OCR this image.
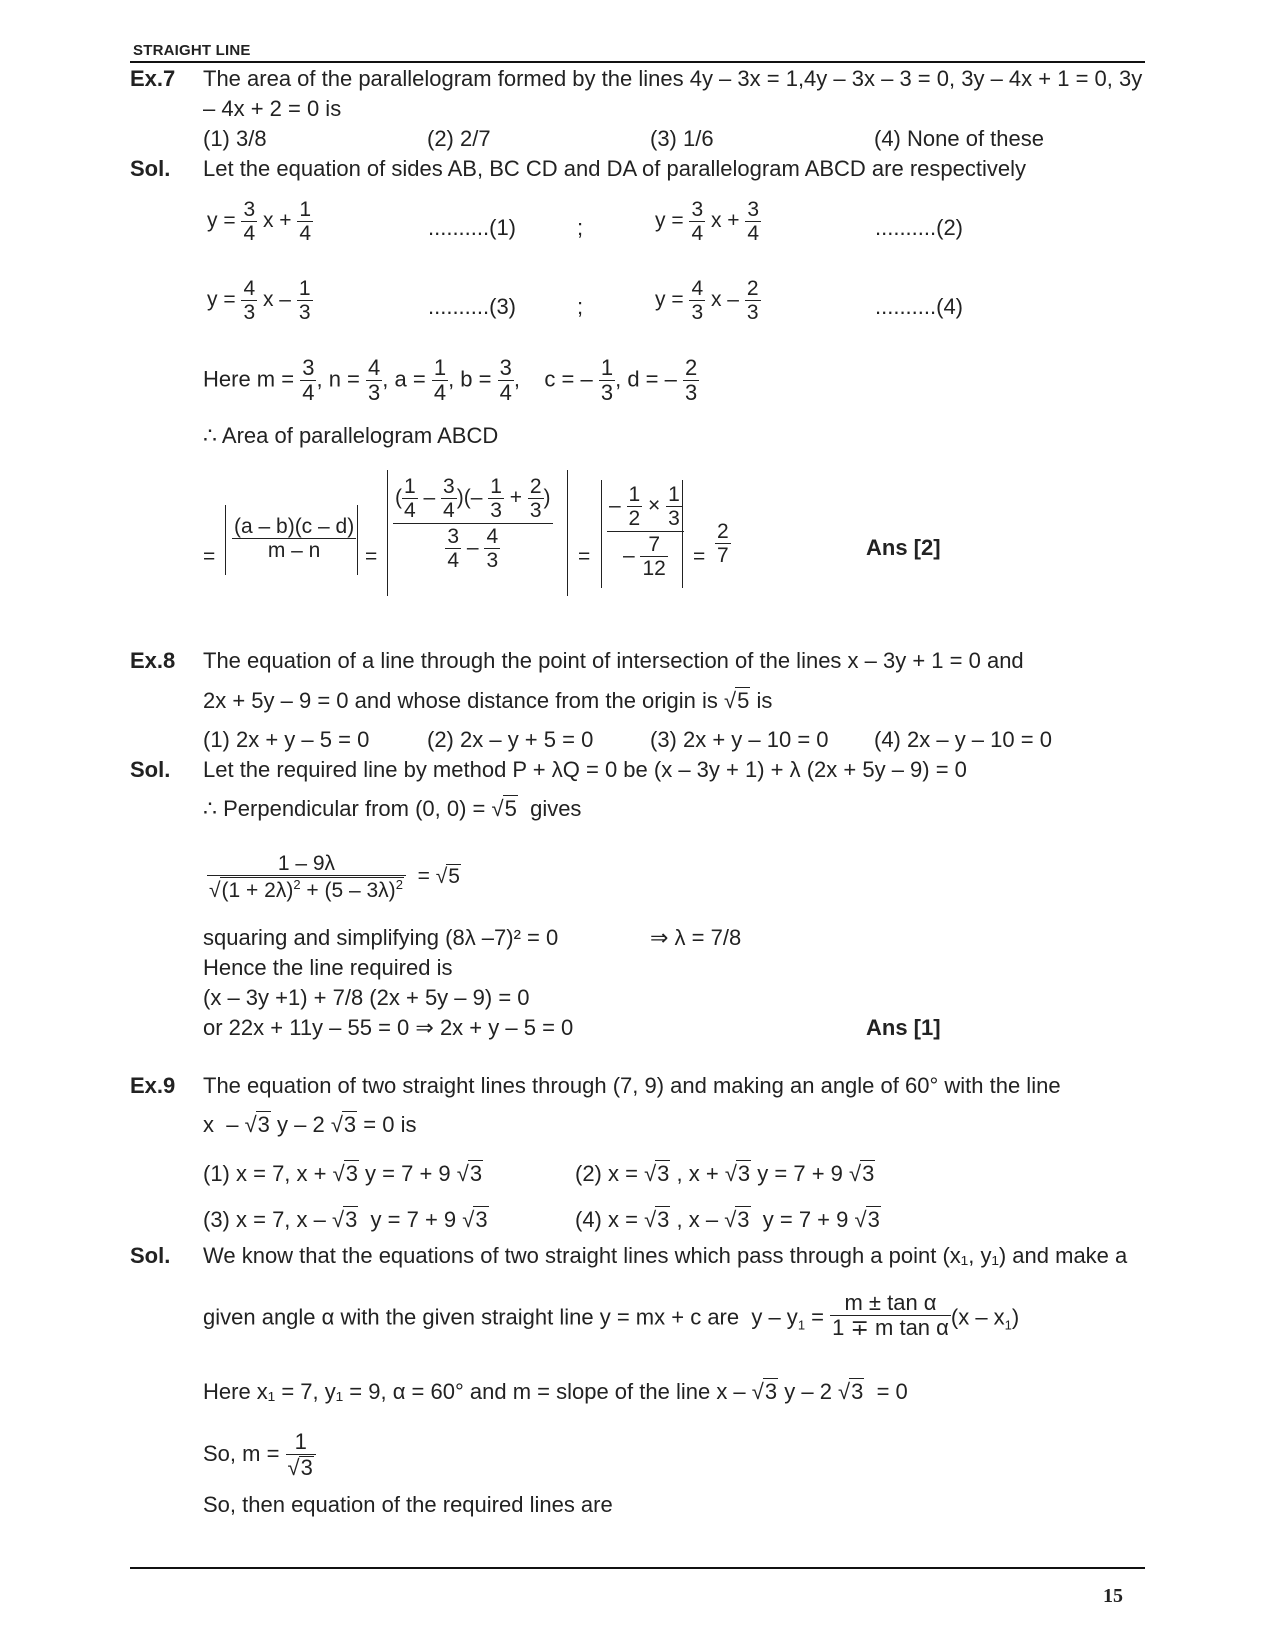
STRAIGHT LINE
Ex.7 The area of the parallelogram formed by the lines 4y – 3x = 1,4y – 3x – 3 = 0, 3y – 4x + 1 = 0, 3y
– 4x + 2 = 0 is
(1) 3/8	(2) 2/7	(3) 1/6	(4) None of these
Sol. Let the equation of sides AB, BC CD and DA of parallelogram ABCD are respectively
$y = \frac{3}{4}$ $x + \frac{1}{4}$	..........(1)	;	$y = \frac{3}{4}$ $x + \frac{3}{4}$	..........(2)
$y = \frac{4}{3}$ x – $\frac{1}{3}$	..........(3)	;	$y = \frac{4}{3}$ x – $\frac{2}{3}$	..........(4)
Here $m = \frac{3}{4}$ , $n = \frac{4}{3}$ , $a = \frac{1}{4}$ , $b = \frac{3}{4}$ ,    c = – $\frac{1}{3}$ , d = – $\frac{2}{3}$
∴ Area of parallelogram ABCD
= $\frac{(a - b)(c - d)}{m - n} = \frac{( \frac{1}{4} - \frac{3}{4} )(- \frac{1}{3} + \frac{2}{3} )}{\frac{3}{4} - \frac{4}{3}} = \frac{- \frac{1}{2} \times \frac{1}{3}}{- \frac{7}{12}} = \frac{2}{7}$	Ans [2]
Ex.8 The equation of a line through the point of intersection of the lines x – 3y + 1 = 0 and
2x + 5y – 9 = 0 and whose distance from the origin is √ 5 is
(1) 2x + y – 5 = 0	(2) 2x – y + 5 = 0	(3) 2x + y – 10 = 0 (4) 2x – y – 10 = 0
Sol. Let the required line by method P + λQ = 0 be (x – 3y + 1) + λ (2x + 5y – 9) = 0
∴ Perpendicular from (0, 0) = √ 5 gives
1 – 9λ
√ $(1 + 2\lambda)^2 + (5 - 3\lambda)^2$ = √ 5
squaring and simplifying (8λ –7)² = 0	⇒ λ = 7/8
Hence the line required is
(x – 3y +1) + 7/8 (2x + 5y – 9) = 0
or 22x + 11y – 55 = 0 ⇒ 2x + y – 5 = 0	Ans [1]
Ex.9 The equation of two straight lines through (7, 9) and making an angle of 60° with the line
x  – √ 3 y – 2 √ 3 = 0 is
(1) x = 7, x + √ 3 y = 7 + 9 √ 3	(2) x = √ 3 , x + √ 3 y = 7 + 9 √ 3
(3) x = 7, x – √ 3  y = 7 + 9 √ 3	(4) x = √ 3 , x – √ 3  y = 7 + 9 √ 3
Sol. We know that the equations of two straight lines which pass through a point (x₁, y₁) and make a
given angle α with the given straight line y = mx + c are  $y - y_1 = \frac{\text{m ± tan α}}{\text{1 ∓ m tan α}} (x - x_1)$
Here x₁ = 7, y₁ = 9, α = 60° and m = slope of the line x – √ 3 y – 2 √ 3  = 0
So, m = 1
√ 3
So, then equation of the required lines are
15
